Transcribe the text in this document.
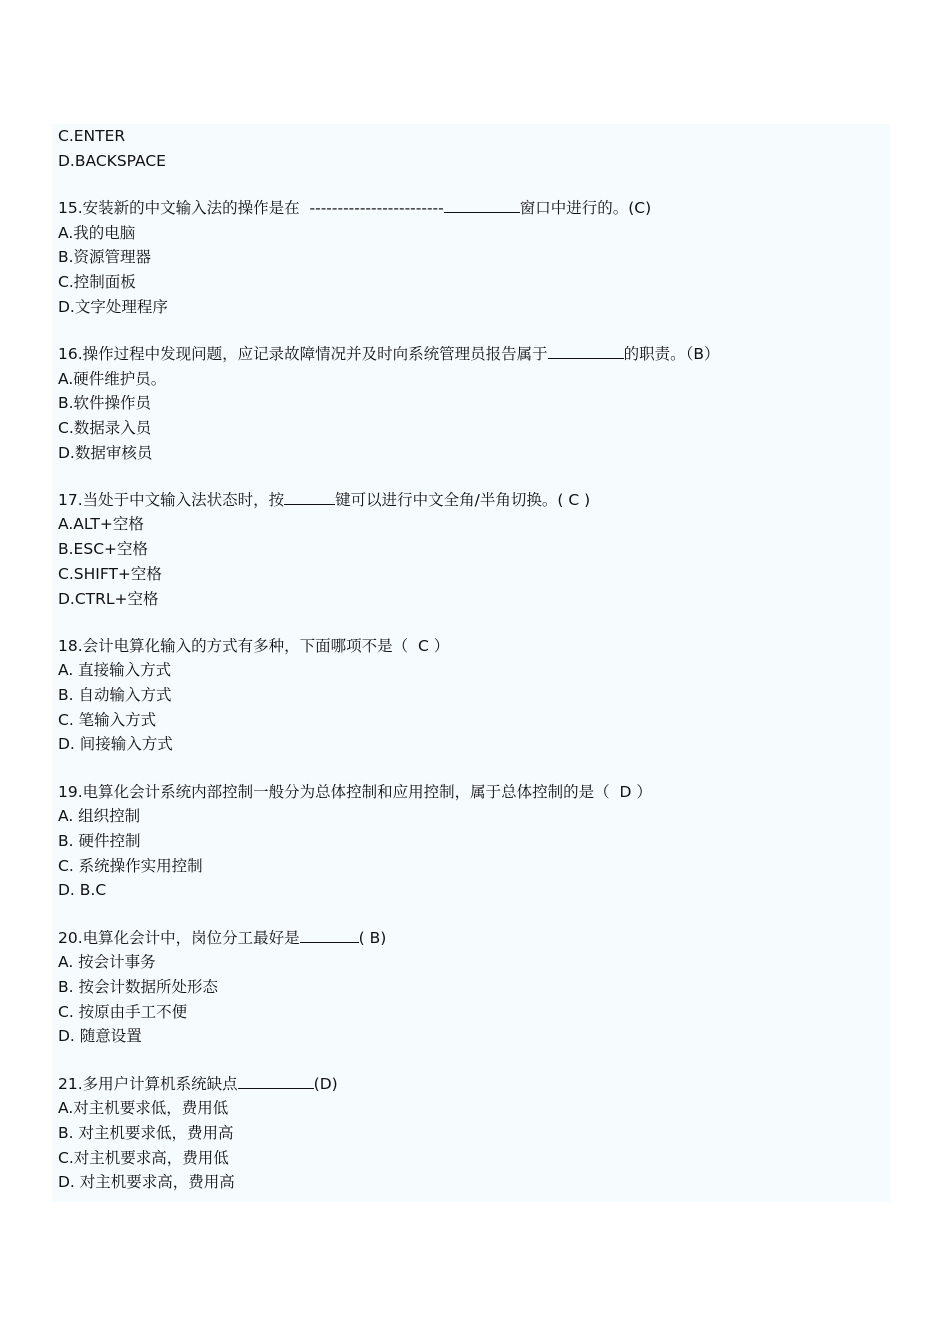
C.ENTER
D.BACKSPACE
15.安装新的中文输入法的操作是在  ------------------------	窗口中进行的。(C)
A.我的电脑
B.资源管理器
C.控制面板
D.文字处理程序
16.操作过程中发现问题，应记录故障情况并及时向系统管理员报告属于	的职责。（B）
A.硬件维护员。
B.软件操作员
C.数据录入员
D.数据审核员
17.当处于中文输入法状态时，按	键可以进行中文全角/半角切换。( C )
A.ALT+空格
B.ESC+空格
C.SHIFT+空格
D.CTRL+空格
18.会计电算化输入的方式有多种，下面哪项不是（  C ）
A. 直接输入方式
B. 自动输入方式
C. 笔输入方式
D. 间接输入方式
19.电算化会计系统内部控制一般分为总体控制和应用控制，属于总体控制的是（  D ）
A. 组织控制
B. 硬件控制
C. 系统操作实用控制
D. B.C
20.电算化会计中，岗位分工最好是	( B)
A. 按会计事务
B. 按会计数据所处形态
C. 按原由手工不便
D. 随意设置
21.多用户计算机系统缺点	(D)
A.对主机要求低，费用低
B. 对主机要求低，费用高
C.对主机要求高，费用低
D. 对主机要求高，费用高
